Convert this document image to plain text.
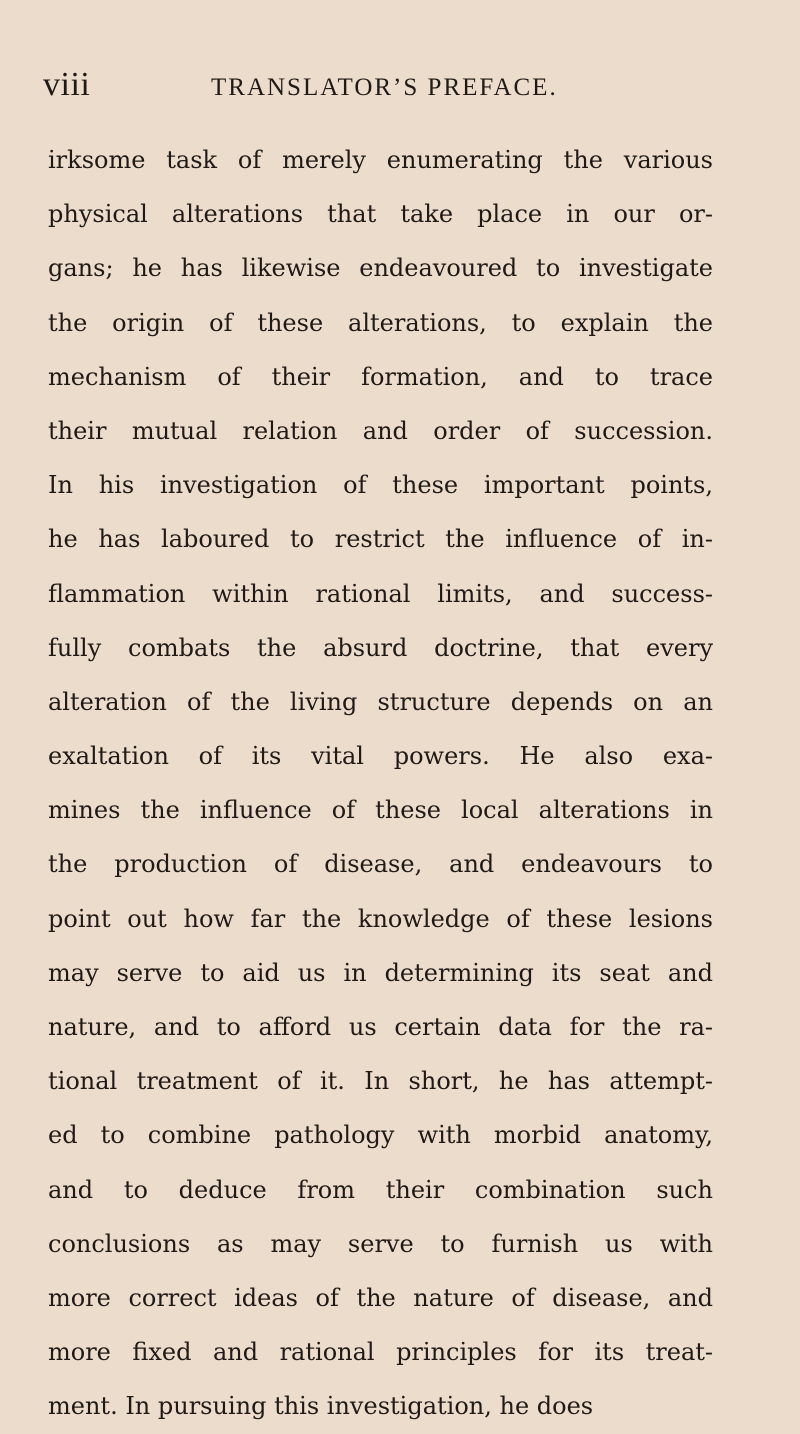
viii	TRANSLATOR’S PREFACE.
irksome task of merely enumerating the various
physical alterations that take place in our or-
gans; he has likewise endeavoured to investigate
the origin of these alterations, to explain the
mechanism of their formation, and to trace
their mutual relation and order of succession.
In his investigation of these important points,
he has laboured to restrict the influence of in-
flammation within rational limits, and success-
fully combats the absurd doctrine, that every
alteration of the living structure depends on an
exaltation of its vital powers. He also exa-
mines the influence of these local alterations in
the production of disease, and endeavours to
point out how far the knowledge of these lesions
may serve to aid us in determining its seat and
nature, and to afford us certain data for the ra-
tional treatment of it. In short, he has attempt-
ed to combine pathology with morbid anatomy,
and to deduce from their combination such
conclusions as may serve to furnish us with
more correct ideas of the nature of disease, and
more fixed and rational principles for its treat-
ment. In pursuing this investigation, he does
